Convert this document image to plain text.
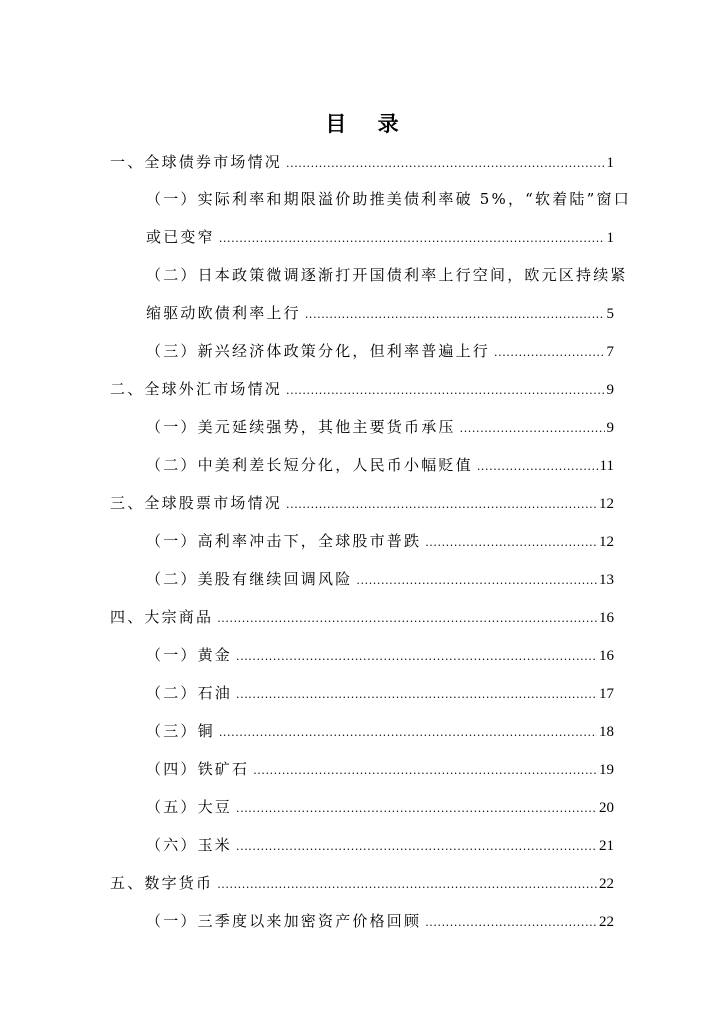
目 录
一、全球债券市场情况 .....	1
（一）实际利率和期限溢价助推美债利率破 5%，“软着陆”窗口
或已变窄 .....	1
（二）日本政策微调逐渐打开国债利率上行空间，欧元区持续紧
缩驱动欧债利率上行 .....	5
（三）新兴经济体政策分化，但利率普遍上行 .....	7
二、全球外汇市场情况 .....	9
（一）美元延续强势，其他主要货币承压 .....	9
（二）中美利差长短分化，人民币小幅贬值 .....	11
三、全球股票市场情况 .....	12
（一）高利率冲击下，全球股市普跌 .....	12
（二）美股有继续回调风险 .....	13
四、大宗商品 .....	16
（一）黄金 .....	16
（二）石油 .....	17
（三）铜 .....	18
（四）铁矿石 .....	19
（五）大豆 .....	20
（六）玉米 .....	21
五、数字货币 .....	22
（一）三季度以来加密资产价格回顾 .....	22
